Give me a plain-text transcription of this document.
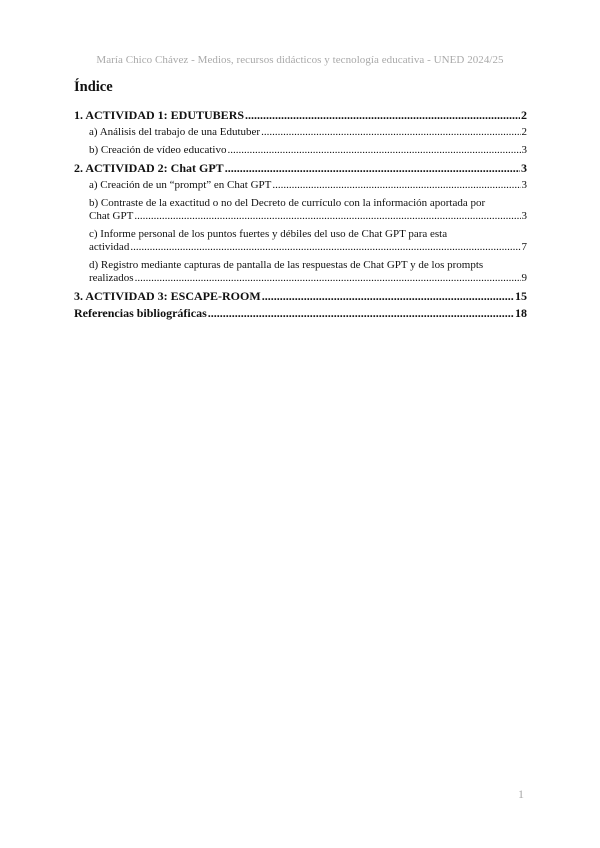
María Chico Chávez - Medios, recursos didácticos y tecnología educativa - UNED 2024/25
Índice
1. ACTIVIDAD 1: EDUTUBERS .....	2
a) Análisis del trabajo de una Edutuber .....	2
b) Creación de vídeo educativo .....	3
2. ACTIVIDAD 2: Chat GPT .....	3
a) Creación de un “prompt” en Chat GPT .....	3
b) Contraste de la exactitud o no del Decreto de currículo con la información aportada por
Chat GPT .....	3
c) Informe personal de los puntos fuertes y débiles del uso de Chat GPT para esta
actividad .....	7
d) Registro mediante capturas de pantalla de las respuestas de Chat GPT y de los prompts
realizados .....	9
3. ACTIVIDAD 3: ESCAPE-ROOM .....	15
Referencias bibliográficas .....	18
1
